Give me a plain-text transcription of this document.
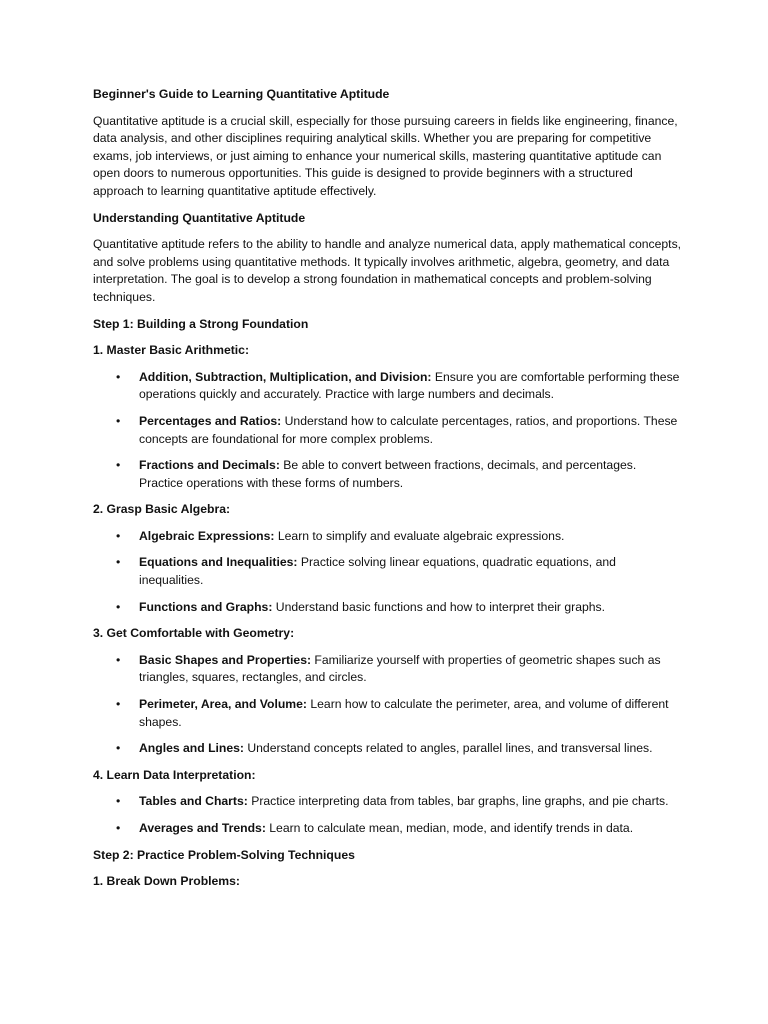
Beginner's Guide to Learning Quantitative Aptitude
Quantitative aptitude is a crucial skill, especially for those pursuing careers in fields like engineering, finance, data analysis, and other disciplines requiring analytical skills. Whether you are preparing for competitive exams, job interviews, or just aiming to enhance your numerical skills, mastering quantitative aptitude can open doors to numerous opportunities. This guide is designed to provide beginners with a structured approach to learning quantitative aptitude effectively.
Understanding Quantitative Aptitude
Quantitative aptitude refers to the ability to handle and analyze numerical data, apply mathematical concepts, and solve problems using quantitative methods. It typically involves arithmetic, algebra, geometry, and data interpretation. The goal is to develop a strong foundation in mathematical concepts and problem-solving techniques.
Step 1: Building a Strong Foundation
1. Master Basic Arithmetic:
• Addition, Subtraction, Multiplication, and Division: Ensure you are comfortable performing these operations quickly and accurately. Practice with large numbers and decimals.
• Percentages and Ratios: Understand how to calculate percentages, ratios, and proportions. These concepts are foundational for more complex problems.
• Fractions and Decimals: Be able to convert between fractions, decimals, and percentages. Practice operations with these forms of numbers.
2. Grasp Basic Algebra:
• Algebraic Expressions: Learn to simplify and evaluate algebraic expressions.
• Equations and Inequalities: Practice solving linear equations, quadratic equations, and inequalities.
• Functions and Graphs: Understand basic functions and how to interpret their graphs.
3. Get Comfortable with Geometry:
• Basic Shapes and Properties: Familiarize yourself with properties of geometric shapes such as triangles, squares, rectangles, and circles.
• Perimeter, Area, and Volume: Learn how to calculate the perimeter, area, and volume of different shapes.
• Angles and Lines: Understand concepts related to angles, parallel lines, and transversal lines.
4. Learn Data Interpretation:
• Tables and Charts: Practice interpreting data from tables, bar graphs, line graphs, and pie charts.
• Averages and Trends: Learn to calculate mean, median, mode, and identify trends in data.
Step 2: Practice Problem-Solving Techniques
1. Break Down Problems:
